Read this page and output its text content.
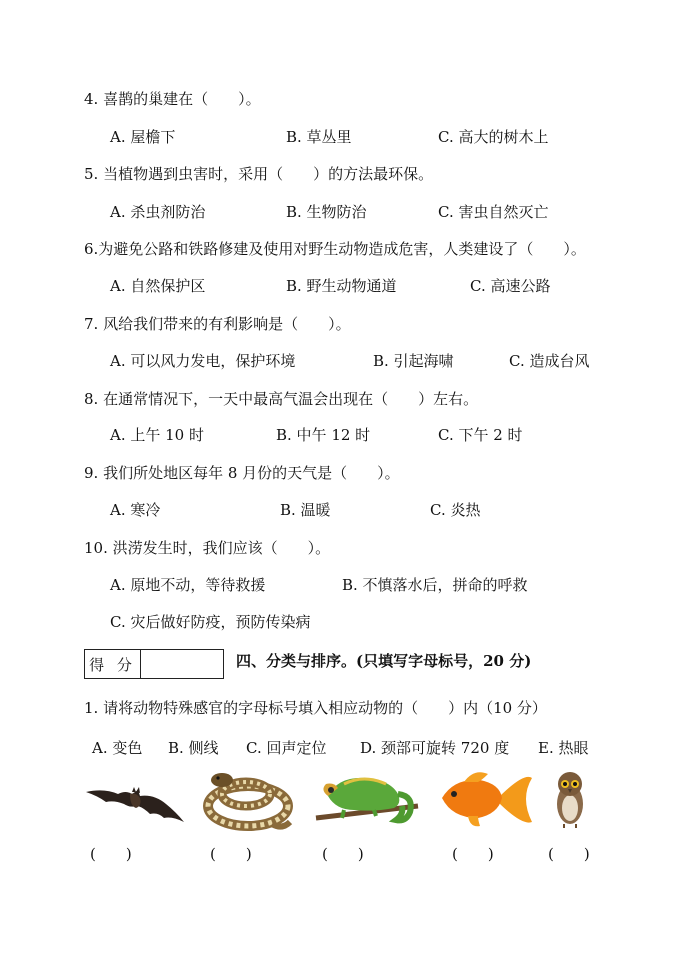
4. 喜鹊的巢建在（　　）。
A. 屋檐下	B. 草丛里	C. 高大的树木上
5. 当植物遇到虫害时，采用（　　）的方法最环保。
A. 杀虫剂防治	B. 生物防治	C. 害虫自然灭亡
6.为避免公路和铁路修建及使用对野生动物造成危害，人类建设了（　　）。
A. 自然保护区	B. 野生动物通道	C. 高速公路
7. 风给我们带来的有利影响是（　　）。
A. 可以风力发电，保护环境	B. 引起海啸	C. 造成台风
8. 在通常情况下，一天中最高气温会出现在（　　）左右。
A. 上午 10 时	B. 中午 12 时	C. 下午 2 时
9. 我们所处地区每年 8 月份的天气是（　　）。
A. 寒冷	B. 温暖	C. 炎热
10. 洪涝发生时，我们应该（　　）。
A. 原地不动，等待救援	B. 不慎落水后，拼命的呼救
C. 灾后做好防疫，预防传染病
得 分	四、分类与排序。(只填写字母标号，20 分)
1. 请将动物特殊感官的字母标号填入相应动物的（　　）内（10 分）
A. 变色 B. 侧线 C. 回声定位 D. 颈部可旋转 720 度 E. 热眼
(　　)	(　　)	(　　)	(　　)	(　　)
